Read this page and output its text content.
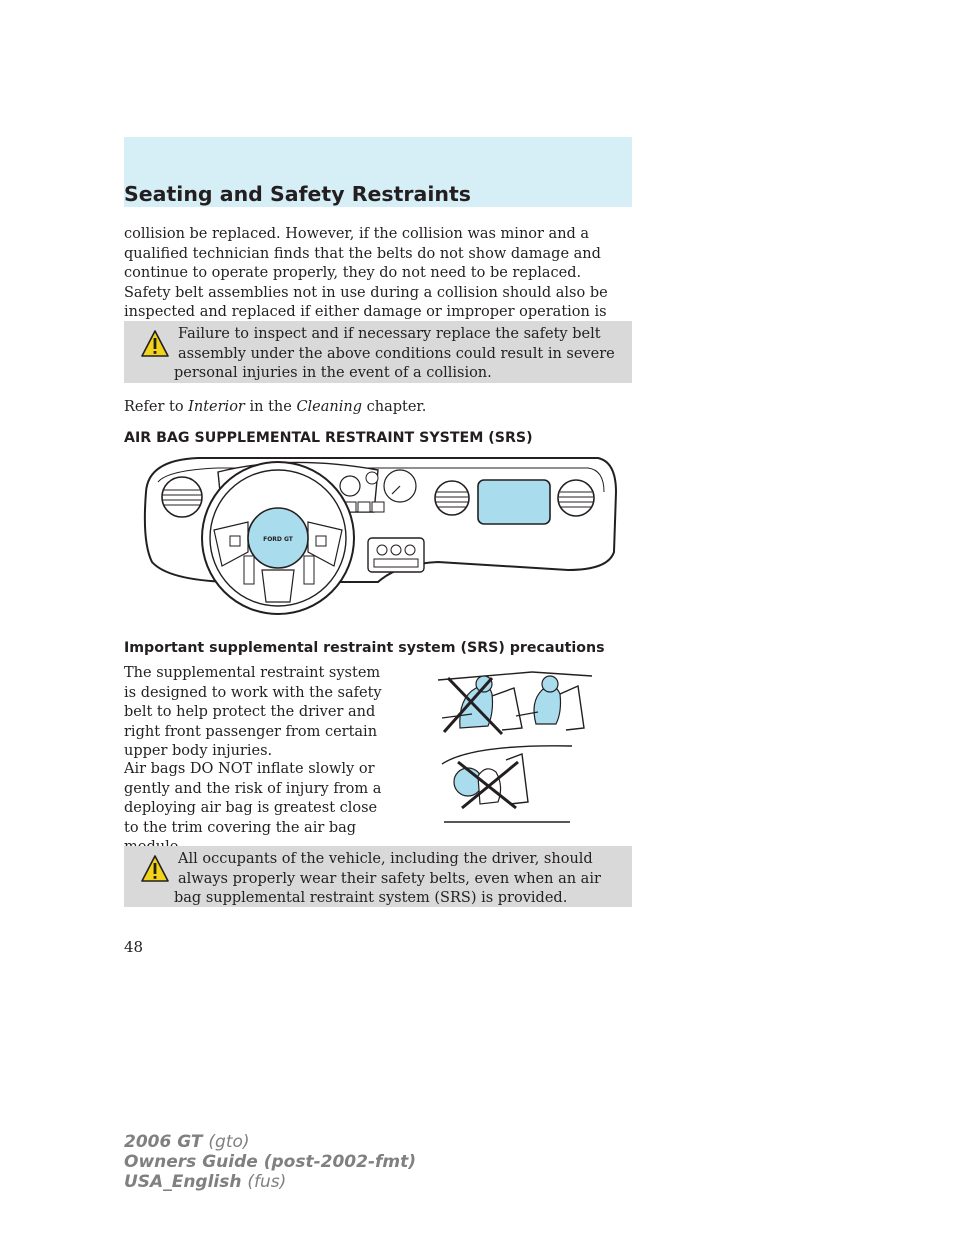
Seating and Safety Restraints

collision be replaced. However, if the collision was minor and a qualified technician finds that the belts do not show damage and continue to operate properly, they do not need to be replaced. Safety belt assemblies not in use during a collision should also be inspected and replaced if either damage or improper operation is

Failure to inspect and if necessary replace the safety belt assembly under the above conditions could result in severe personal injuries in the event of a collision.

Refer to Interior in the Cleaning chapter.

AIR BAG SUPPLEMENTAL RESTRAINT SYSTEM (SRS)
FORD GT
Important supplemental restraint system (SRS) precautions

The supplemental restraint system is designed to work with the safety belt to help protect the driver and right front passenger from certain upper body injuries.

Air bags DO NOT inflate slowly or gently and the risk of injury from a deploying air bag is greatest close to the trim covering the air bag

All occupants of the vehicle, including the driver, should always properly wear their safety belts, even when an air bag supplemental restraint system (SRS) is provided.
48
2006 GT (gto)
Owners Guide (post-2002-fmt)
USA_English (fus)
